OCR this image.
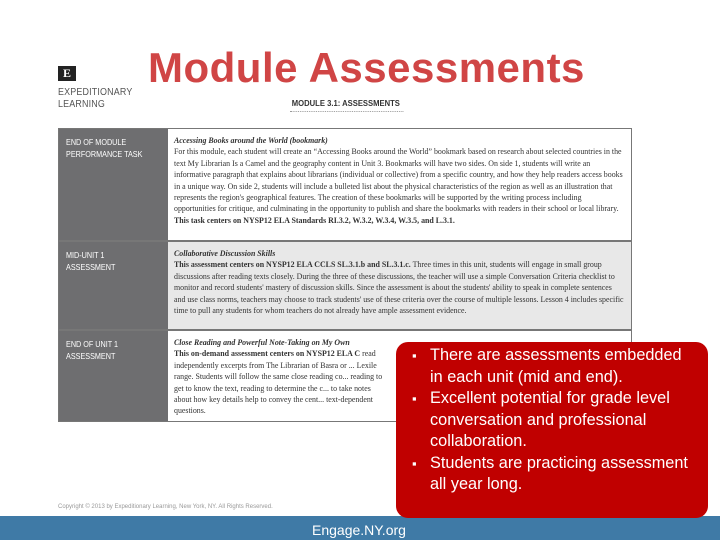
E
EXPEDITIONARY
LEARNING
Module Assessments
MODULE 3.1: ASSESSMENTS
END OF MODULE
PERFORMANCE TASK
Accessing Books around the World (bookmark)
For this module, each student will create an “Accessing Books around the World” bookmark based on research about selected countries in the text My Librarian Is a Camel and the geography content in Unit 3. Bookmarks will have two sides. On side 1, students will write an informative paragraph that explains about librarians (individual or collective) from a specific country, and how they help readers access books in a unique way. On side 2, students will include a bulleted list about the physical characteristics of the region as well as an illustration that represents the region's geographical features. The creation of these bookmarks will be supported by the writing process including opportunities for critique, and culminating in the opportunity to publish and share the bookmarks with readers in their school or local library. This task centers on NYSP12 ELA Standards RI.3.2, W.3.2, W.3.4, W.3.5, and L.3.1.
MID-UNIT 1
ASSESSMENT
Collaborative Discussion Skills
This assessment centers on NYSP12 ELA CCLS SL.3.1.b and SL.3.1.c. Three times in this unit, students will engage in small group discussions after reading texts closely. During the three of these discussions, the teacher will use a simple Conversation Criteria checklist to monitor and record students' mastery of discussion skills. Since the assessment is about the students' ability to speak in complete sentences and use class norms, teachers may choose to track students' use of these criteria over the course of multiple lessons. Lesson 4 includes specific time to pull any students for whom teachers do not already have ample assessment evidence.
END OF UNIT 1
ASSESSMENT
Close Reading and Powerful Note-Taking on My Own
This on-demand assessment centers on NYSP12 ELA C read independently excerpts from The Librarian of Basra or ... Lexile range. Students will follow the same close reading co... reading to get to know the text, reading to determine the c... to take notes about how key details help to convey the cent... text-dependent questions.
Copyright © 2013 by Expeditionary Learning, New York, NY. All Rights Reserved.
Engage.NY.org
▪ There are assessments embedded in each unit (mid and end).
▪ Excellent potential for grade level conversation and professional collaboration.
▪ Students are practicing assessment all year long.
